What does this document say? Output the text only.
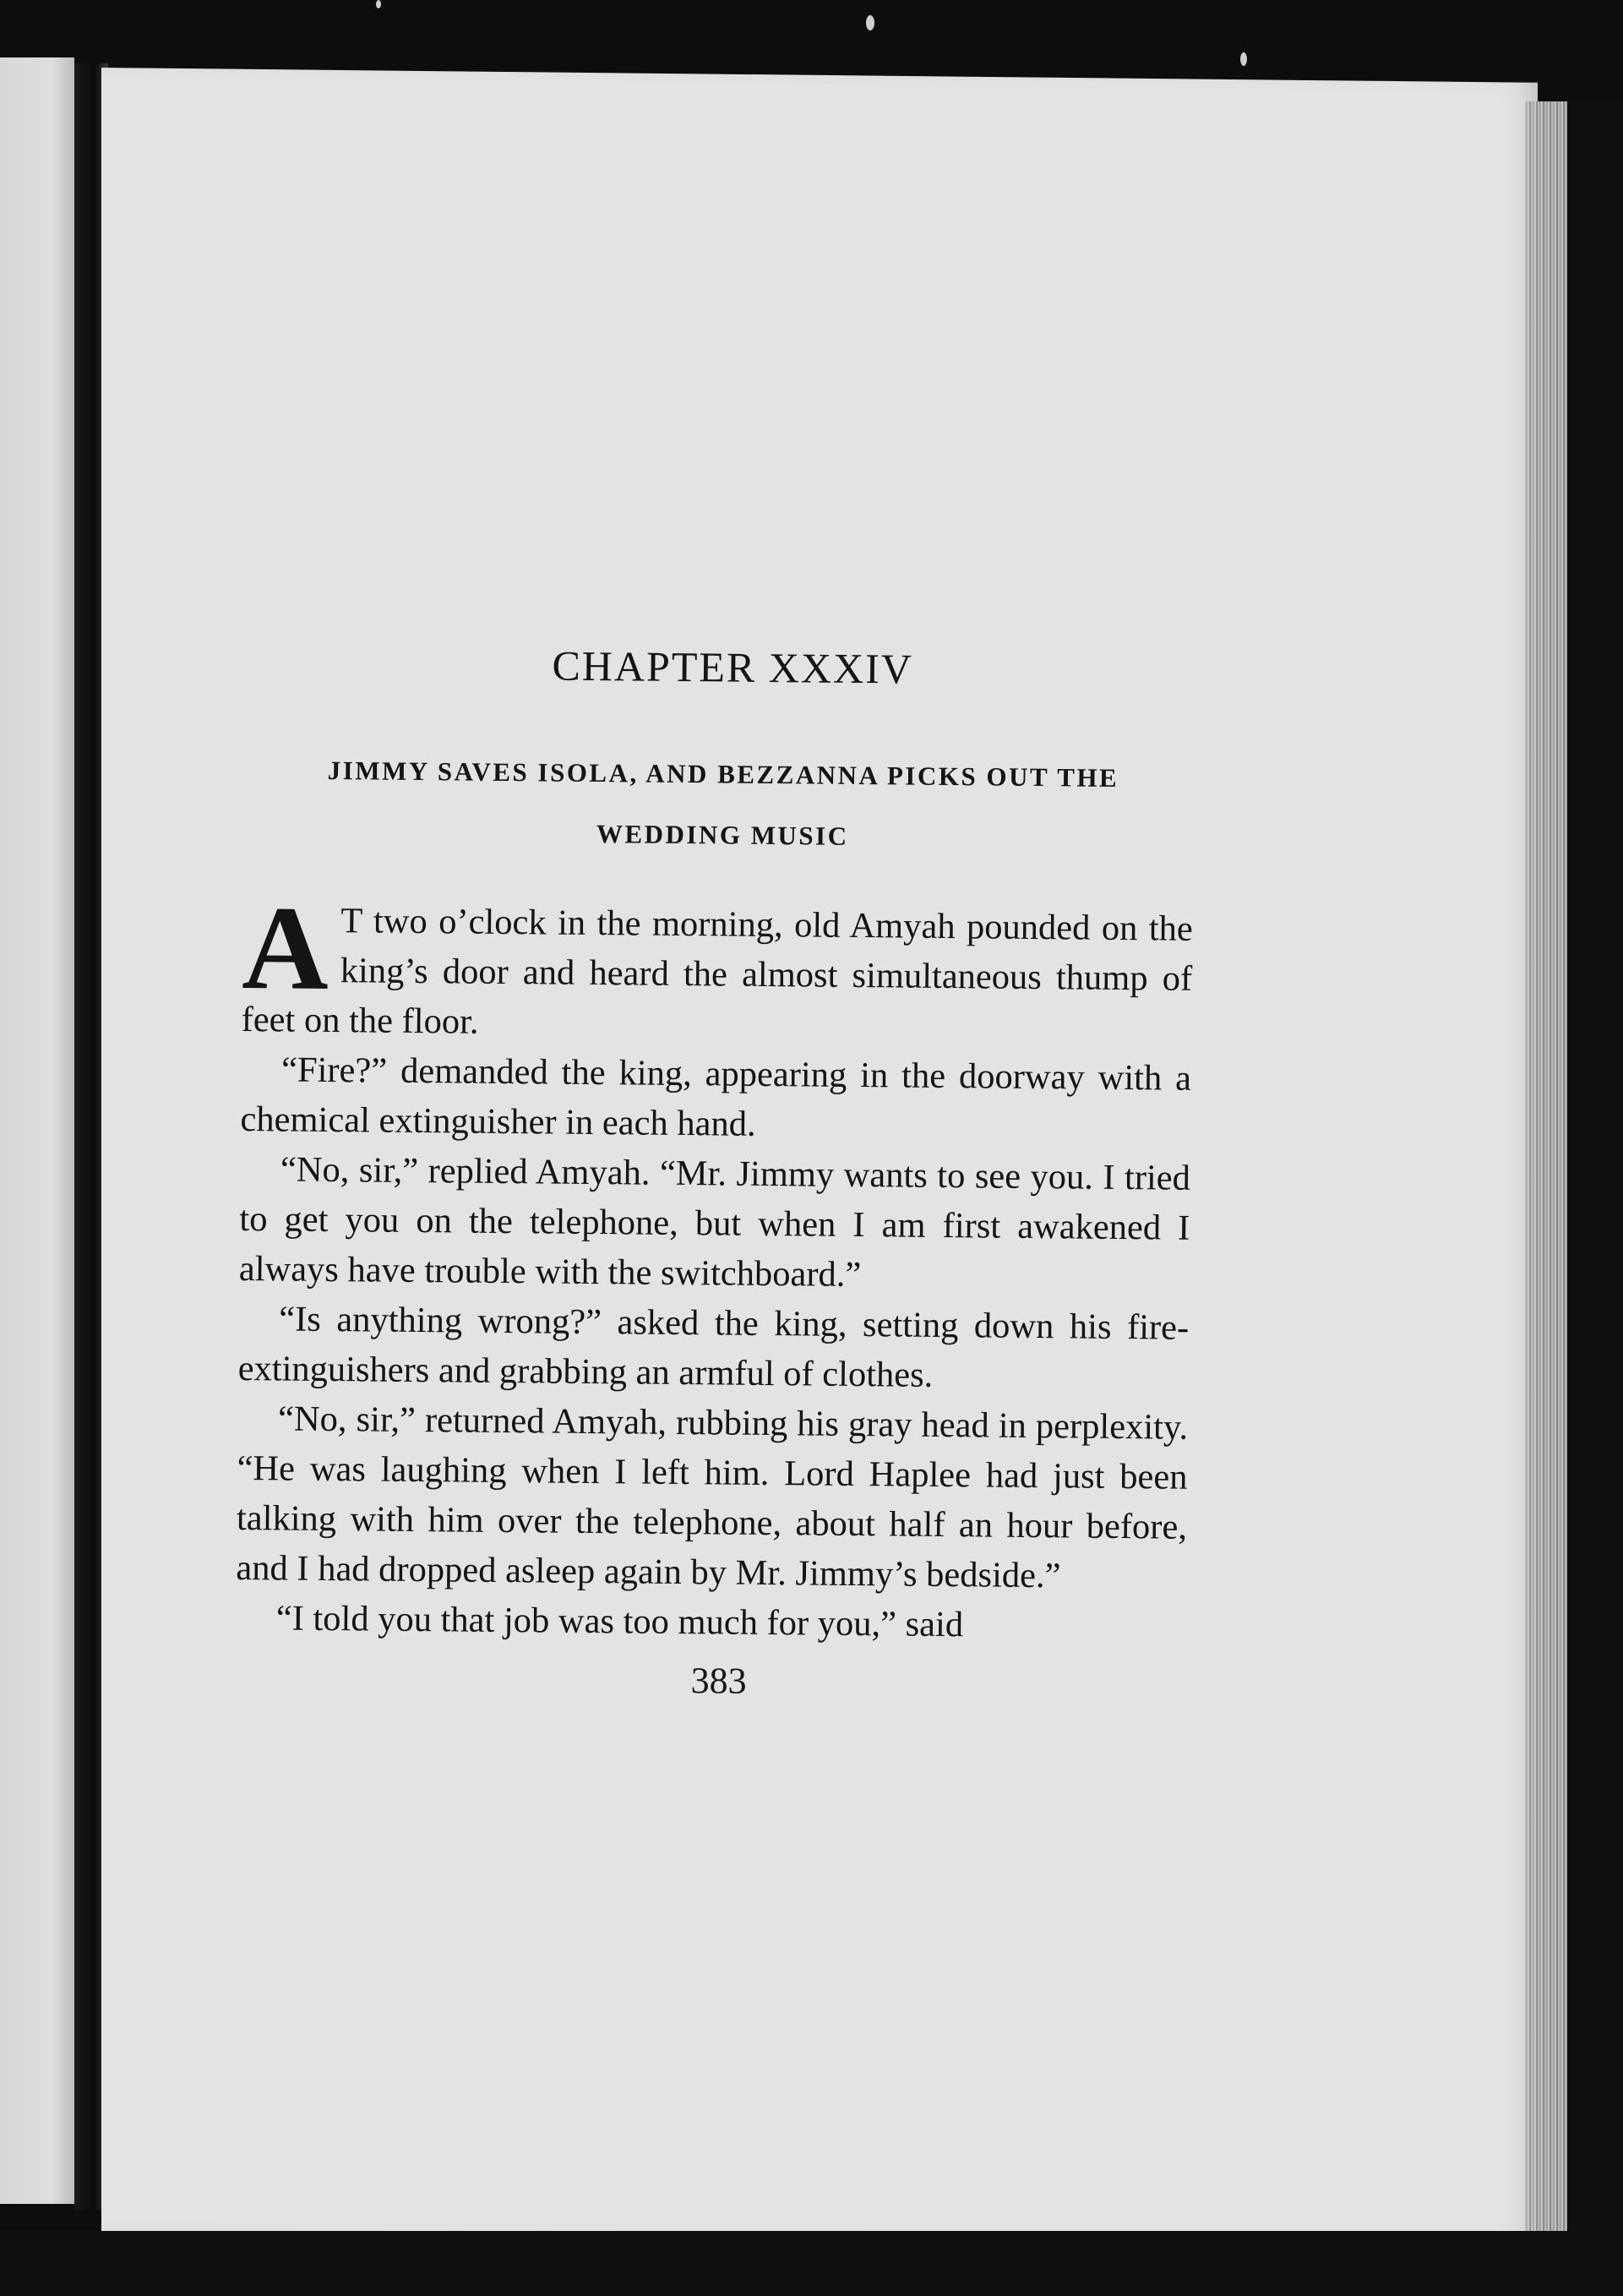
CHAPTER XXXIV
JIMMY SAVES ISOLA, AND BEZZANNA PICKS OUT THE
WEDDING MUSIC

A T two o’clock in the morning, old Amyah pounded on the king’s door and heard the almost simultaneous thump of feet on the floor.

“Fire?” demanded the king, appearing in the doorway with a chemical extinguisher in each hand.

“No, sir,” replied Amyah. “Mr. Jimmy wants to see you. I tried to get you on the telephone, but when I am first awakened I always have trouble with the switchboard.”

“Is anything wrong?” asked the king, setting down his fire-extinguishers and grabbing an armful of clothes.

“No, sir,” returned Amyah, rubbing his gray head in perplexity. “He was laughing when I left him. Lord Haplee had just been talking with him over the telephone, about half an hour before, and I had dropped asleep again by Mr. Jimmy’s bedside.”

“I told you that job was too much for you,” said

383
